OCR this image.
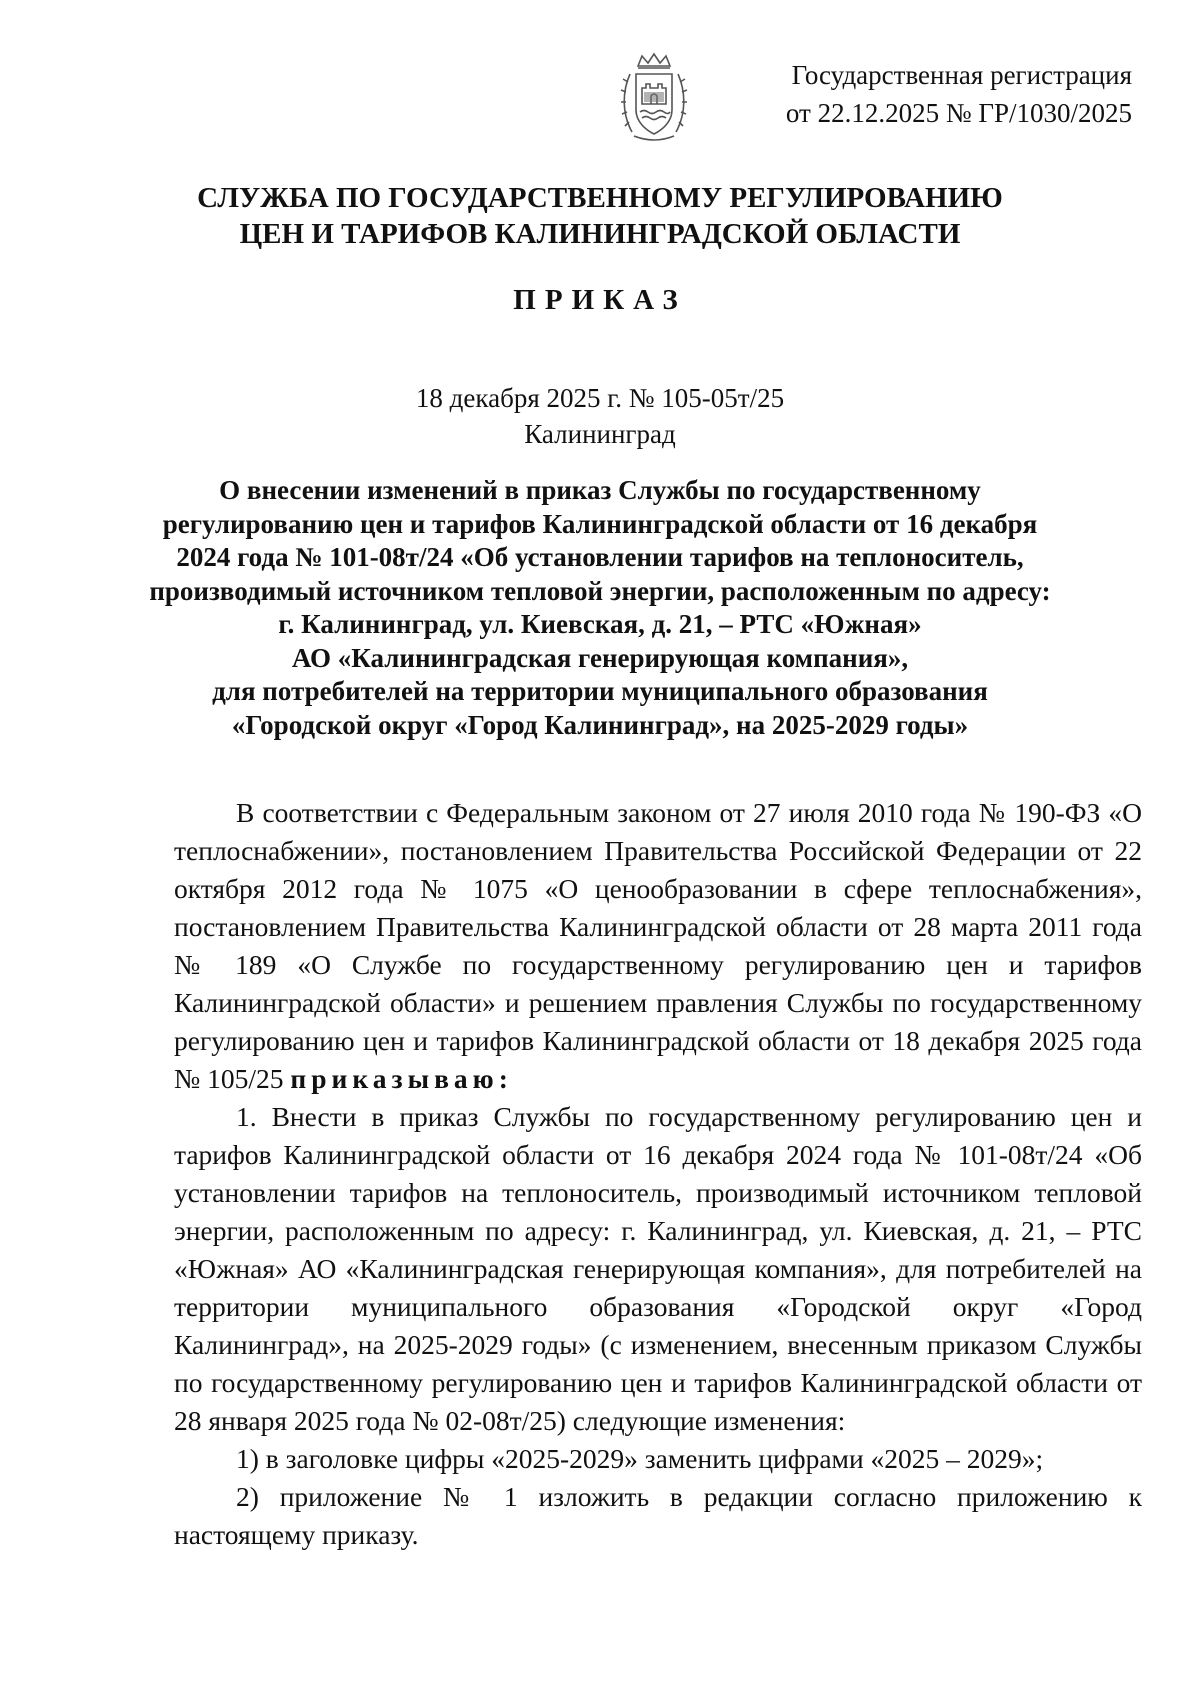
Государственная регистрация
от 22.12.2025 № ГР/1030/2025
СЛУЖБА ПО ГОСУДАРСТВЕННОМУ РЕГУЛИРОВАНИЮ
ЦЕН И ТАРИФОВ КАЛИНИНГРАДСКОЙ ОБЛАСТИ
ПРИКАЗ
18 декабря 2025 г. № 105-05т/25
Калининград
О внесении изменений в приказ Службы по государственному
регулированию цен и тарифов Калининградской области от 16 декабря
2024 года № 101-08т/24 «Об установлении тарифов на теплоноситель,
производимый источником тепловой энергии, расположенным по адресу:
г. Калининград, ул. Киевская, д. 21, – РТС «Южная»
АО «Калининградская генерирующая компания»,
для потребителей на территории муниципального образования
«Городской округ «Город Калининград», на 2025-2029 годы»

В соответствии с Федеральным законом от 27 июля 2010 года № 190-ФЗ «О теплоснабжении», постановлением Правительства Российской Федерации от 22 октября 2012 года № 1075 «О ценообразовании в сфере теплоснабжения», постановлением Правительства Калининградской области от 28 марта 2011 года № 189 «О Службе по государственному регулированию цен и тарифов Калининградской области» и решением правления Службы по государственному регулированию цен и тарифов Калининградской области от 18 декабря 2025 года № 105/25 приказываю:

1. Внести в приказ Службы по государственному регулированию цен и тарифов Калининградской области от 16 декабря 2024 года № 101-08т/24 «Об установлении тарифов на теплоноситель, производимый источником тепловой энергии, расположенным по адресу: г. Калининград, ул. Киевская, д. 21, – РТС «Южная» АО «Калининградская генерирующая компания», для потребителей на территории муниципального образования «Городской округ «Город Калининград», на 2025-2029 годы» (с изменением, внесенным приказом Службы по государственному регулированию цен и тарифов Калининградской области от 28 января 2025 года № 02-08т/25) следующие изменения:

1) в заголовке цифры «2025-2029» заменить цифрами «2025 – 2029»;

2) приложение № 1 изложить в редакции согласно приложению к настоящему приказу.
